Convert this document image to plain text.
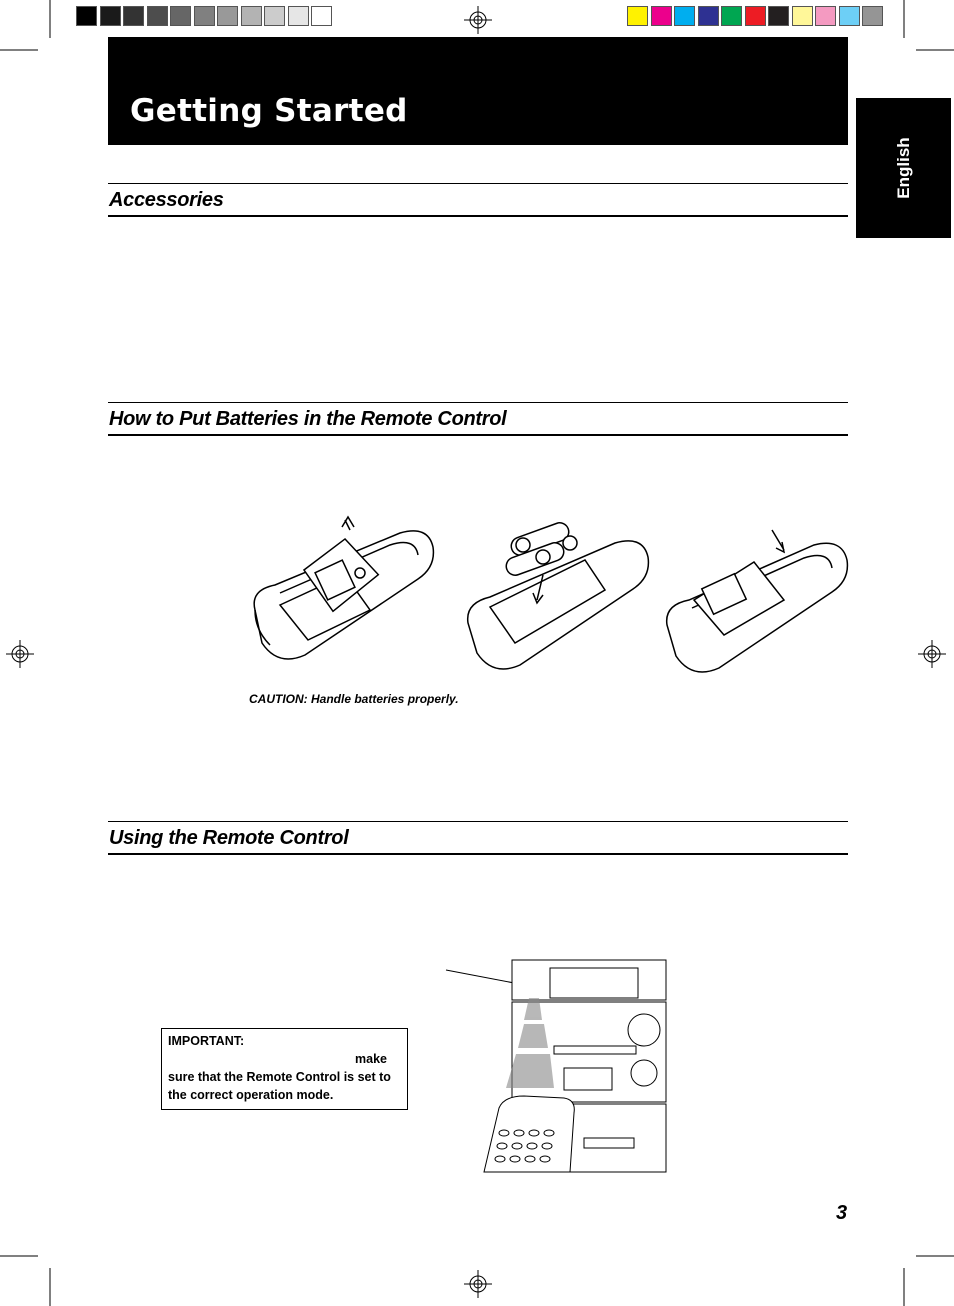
Getting Started
English
Accessories
How to Put Batteries in the Remote Control
CAUTION: Handle batteries properly.
Using the Remote Control
IMPORTANT:
make
sure that the Remote Control is set to
the correct operation mode.
3
